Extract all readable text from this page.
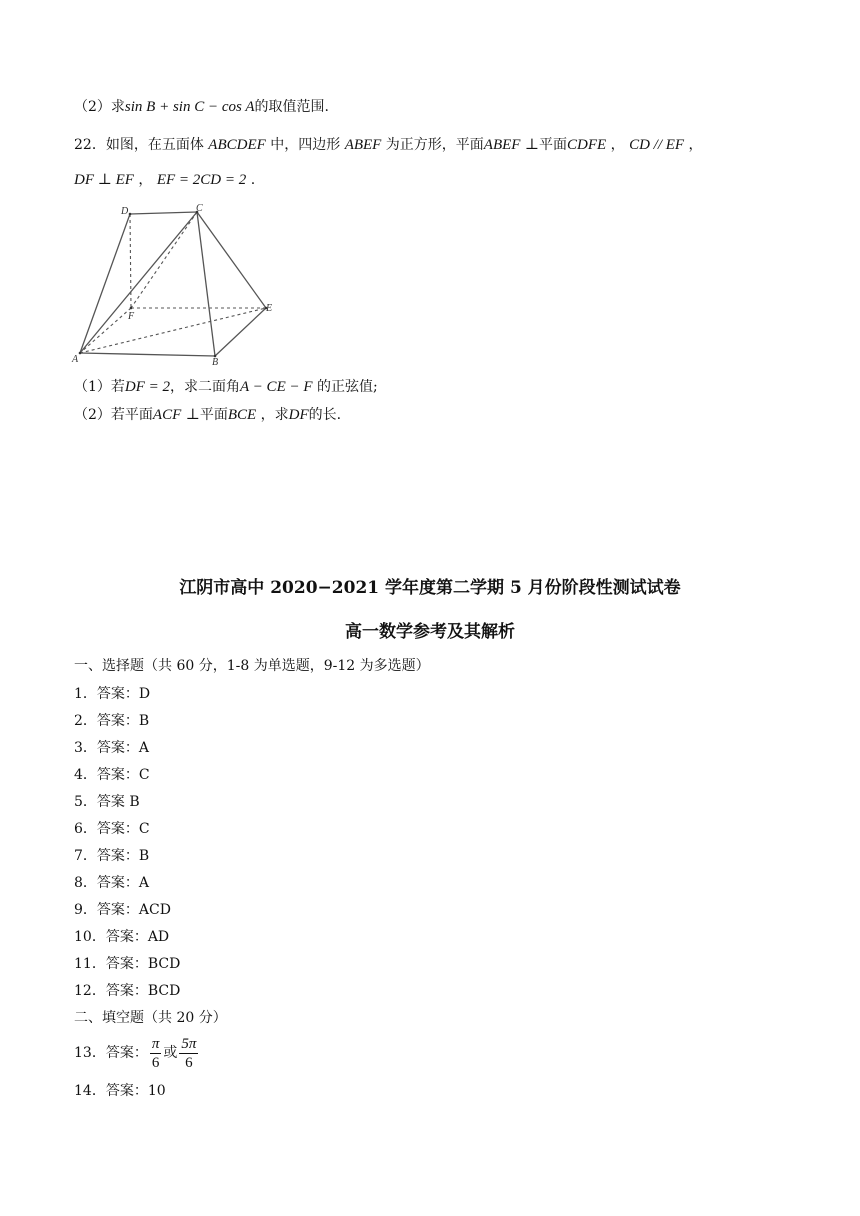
（2）求sin B + sin C − cos A的取值范围.
22．如图，在五面体 ABCDEF 中，四边形 ABEF 为正方形，平面ABEF ⊥平面CDFE ， CD // EF ，
DF ⊥ EF ， EF = 2CD = 2 .
D	C
F
E
A	B
（1）若DF = 2，求二面角A − CE − F 的正弦值;
（2）若平面ACF ⊥平面BCE ，求DF的长.
江阴市高中 2020−2021 学年度第二学期 5 月份阶段性测试试卷
高一数学参考及其解析
一、选择题（共 60 分，1-8 为单选题，9-12 为多选题）
1．答案：D
2．答案：B
3．答案：A
4．答案：C
5．答案 B
6．答案：C
7．答案：B
8．答案：A
9．答案：ACD
10．答案：AD
11．答案：BCD
12．答案：BCD
二、填空题（共 20 分）
13．答案： $\frac{\pi}{6}$ 或 $\frac{5\pi}{6}$
14．答案：10
